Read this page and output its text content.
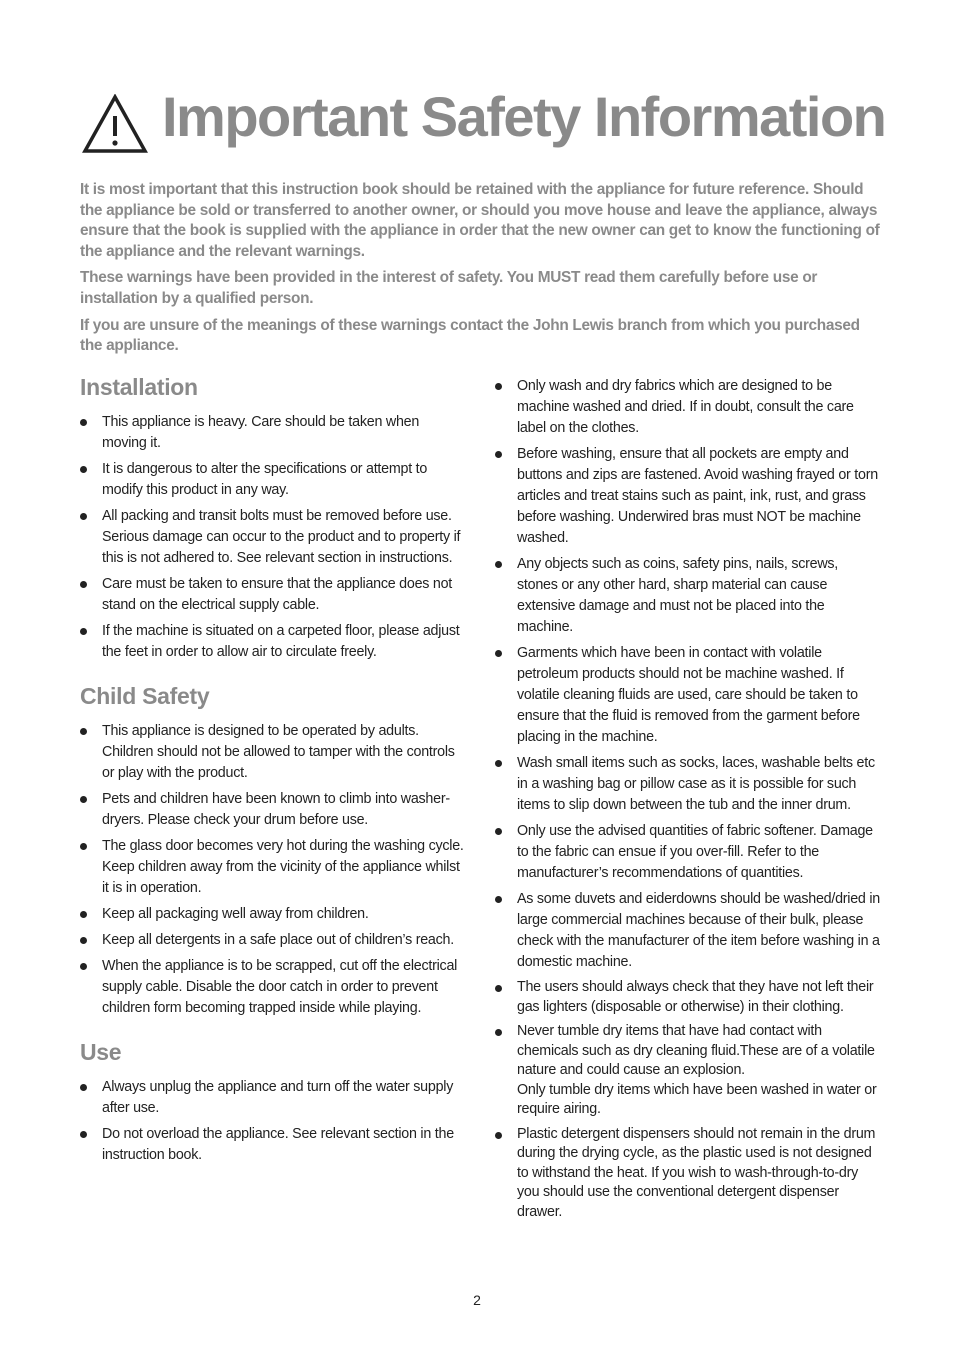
Important Safety Information

It is most important that this instruction book should be retained with the appliance for future reference. Should the appliance be sold or transferred to another owner, or should you move house and leave the appliance, always ensure that the book is supplied with the appliance in order that the new owner can get to know the functioning of the appliance and the relevant warnings.

These warnings have been provided in the interest of safety. You MUST read them carefully before use or installation by a qualified person.

If you are unsure of the meanings of these warnings contact the John Lewis branch from which you purchased the appliance.

Installation
This appliance is heavy. Care should be taken when moving it.
It is dangerous to alter the specifications or attempt to modify this product in any way.
All packing and transit bolts must be removed before use. Serious damage can occur to the product and to property if this is not adhered to. See relevant section in instructions.
Care must be taken to ensure that the appliance does not stand on the electrical supply cable.
If the machine is situated on a carpeted floor, please adjust the feet in order to allow air to circulate freely.
Child Safety
This appliance is designed to be operated by adults. Children should not be allowed to tamper with the controls or play with the product.
Pets and children have been known to climb into washer-dryers. Please check your drum before use.
The glass door becomes very hot during the washing cycle. Keep children away from the vicinity of the appliance whilst it is in operation.
Keep all packaging well away from children.
Keep all detergents in a safe place out of children’s reach.
When the appliance is to be scrapped, cut off the electrical supply cable. Disable the door catch in order to prevent children form becoming trapped inside while playing.
Use
Always unplug the appliance and turn off the water supply after use.
Do not overload the appliance. See relevant section in the instruction book.
Only wash and dry fabrics which are designed to be machine washed and dried. If in doubt, consult the care label on the clothes.
Before washing, ensure that all pockets are empty and buttons and zips are fastened. Avoid washing frayed or torn articles and treat stains such as paint, ink, rust, and grass before washing. Underwired bras must NOT be machine washed.
Any objects such as coins, safety pins, nails, screws, stones or any other hard, sharp material can cause extensive damage and must not be placed into the machine.
Garments which have been in contact with volatile petroleum products should not be machine washed. If volatile cleaning fluids are used, care should be taken to ensure that the fluid is removed from the garment before placing in the machine.
Wash small items such as socks, laces, washable belts etc in a washing bag or pillow case as it is possible for such items to slip down between the tub and the inner drum.
Only use the advised quantities of fabric softener. Damage to the fabric can ensue if you over-fill. Refer to the manufacturer’s recommendations of quantities.
As some duvets and eiderdowns should be washed/dried in large commercial machines because of their bulk, please check with the manufacturer of the item before washing in a domestic machine.
The users should always check that they have not left their gas lighters (disposable or otherwise) in their clothing.
Never tumble dry items that have had contact with chemicals such as dry cleaning fluid.These are of a volatile nature and could cause an explosion.
Only tumble dry items which have been washed in water or require airing.
Plastic detergent dispensers should not remain in the drum during the drying cycle, as the plastic used is not designed to withstand the heat. If you wish to wash-through-to-dry you should use the conventional detergent dispenser drawer.
2
